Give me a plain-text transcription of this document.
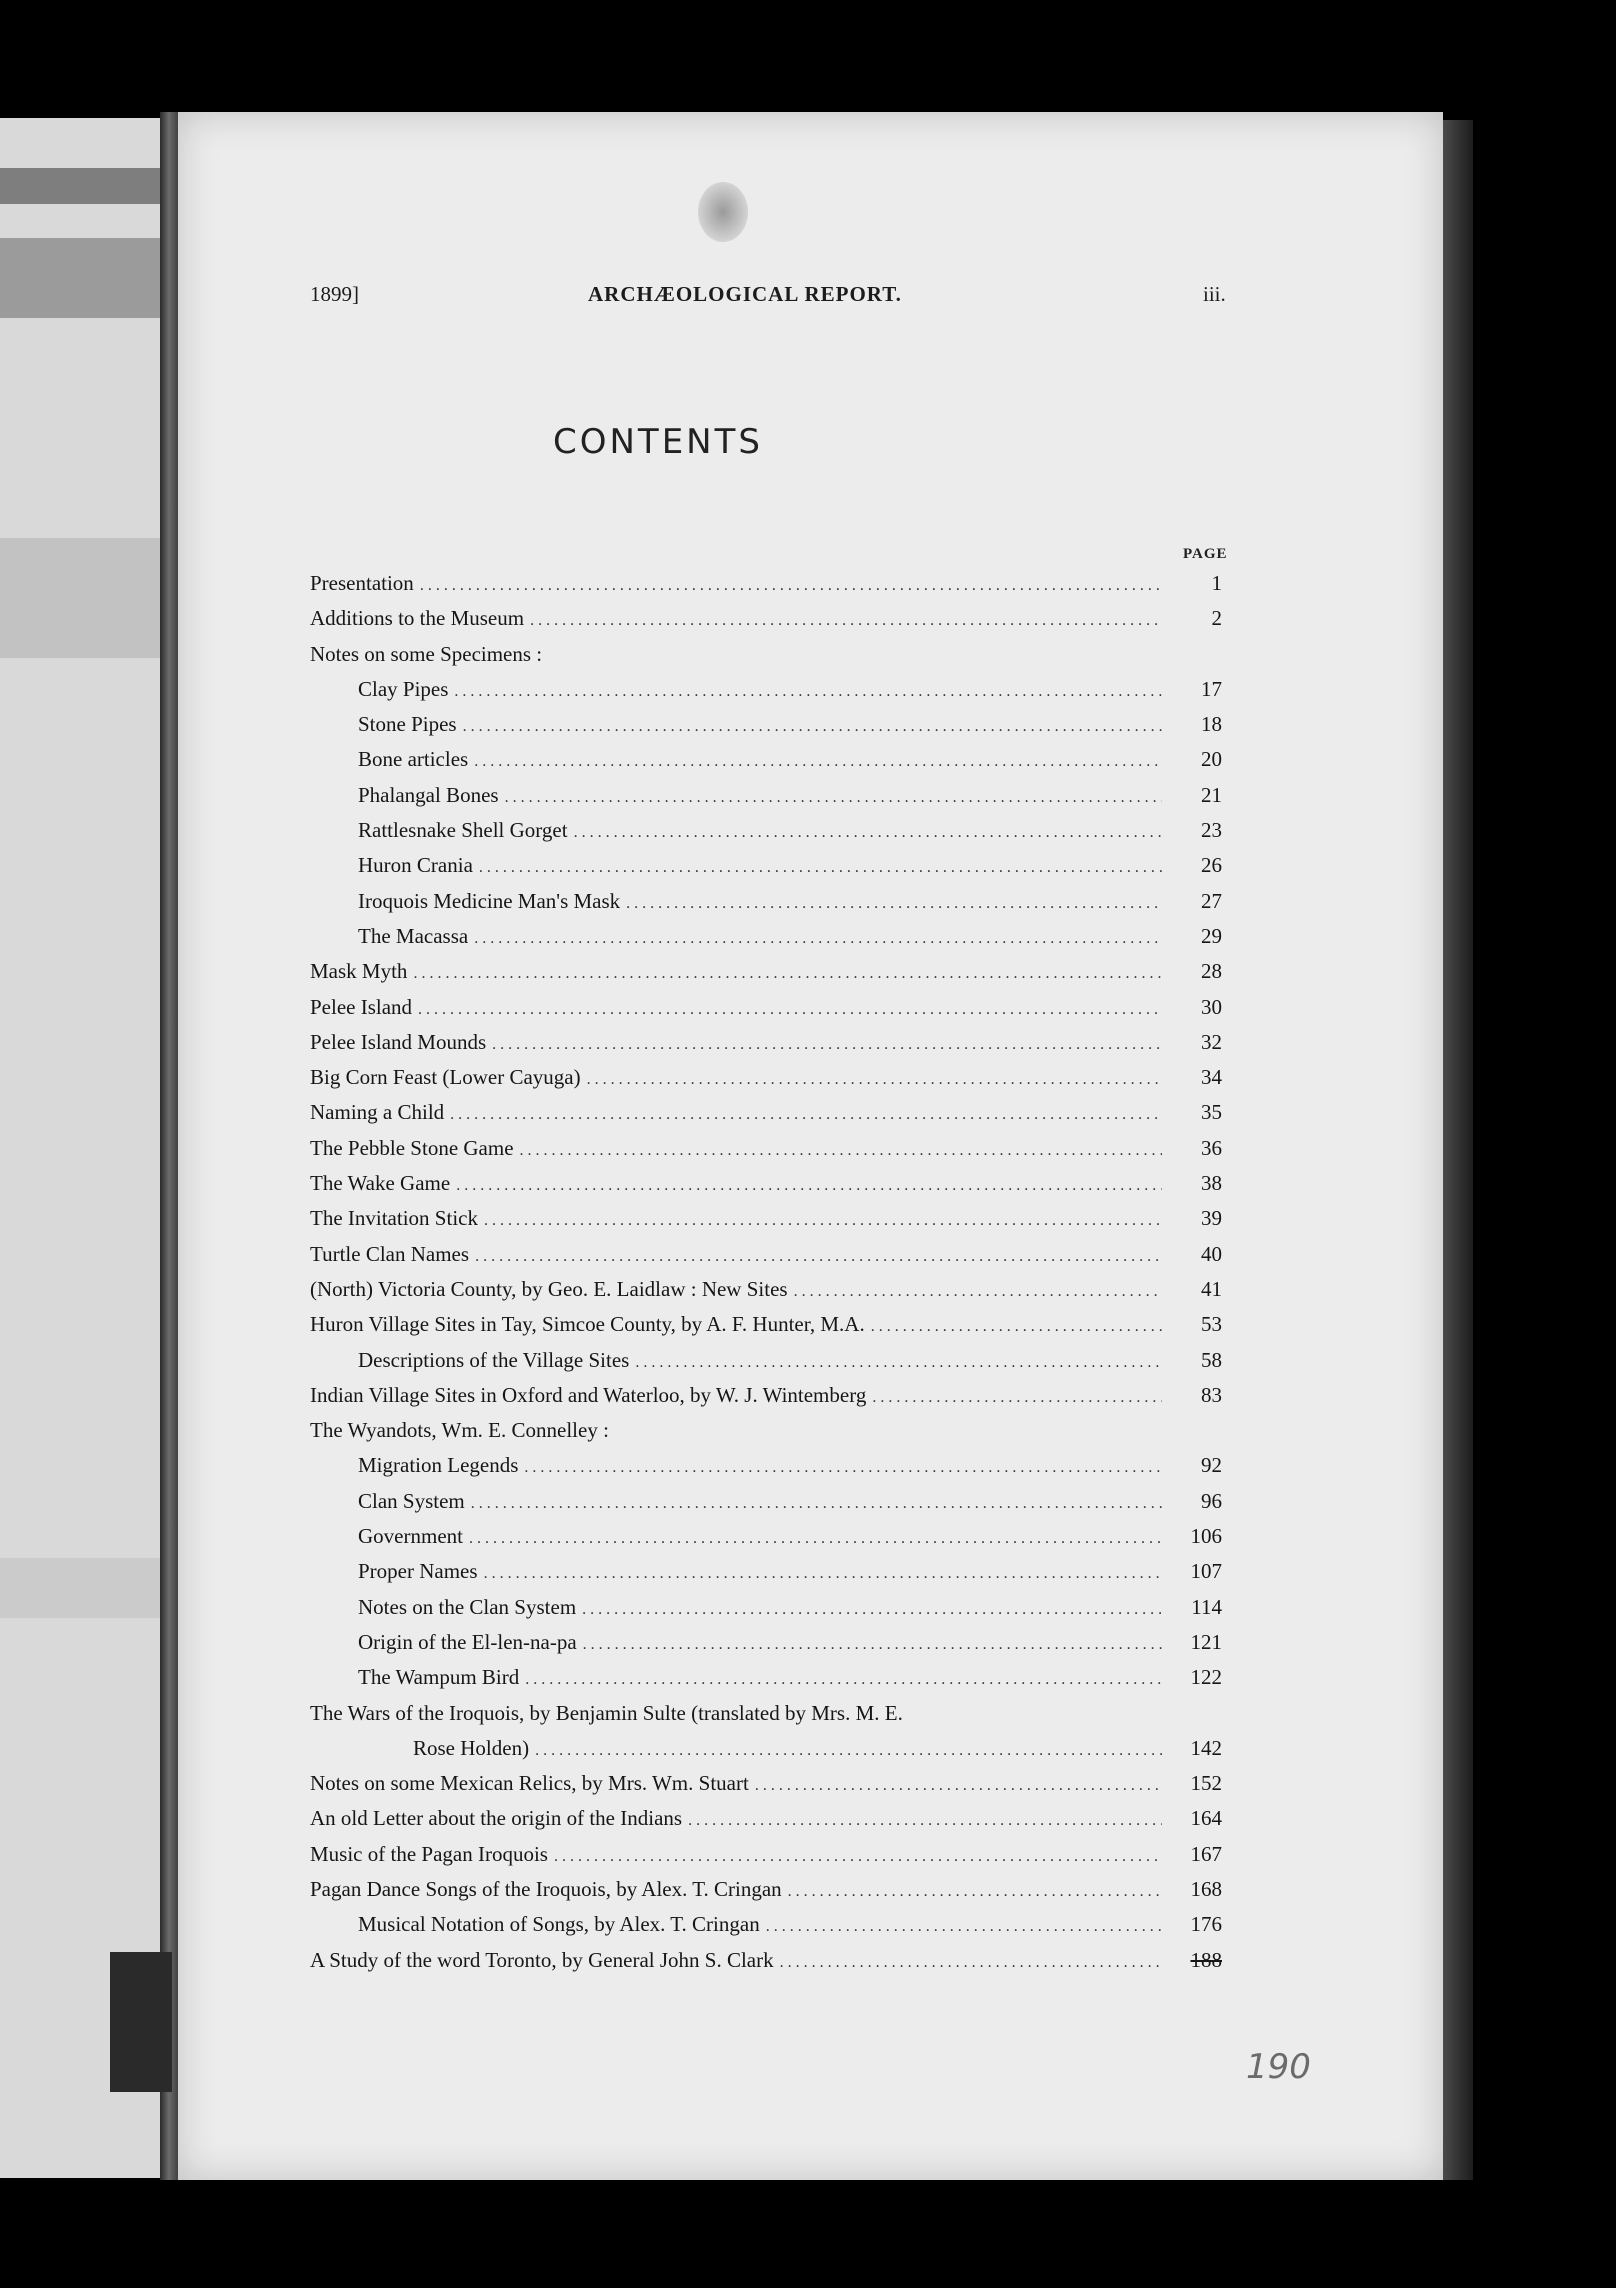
1899]	ARCHÆOLOGICAL REPORT.	iii.
CONTENTS
PAGE
Presentation .....	1
Additions to the Museum .....	2
Notes on some Specimens :
Clay Pipes .....	17
Stone Pipes .....	18
Bone articles .....	20
Phalangal Bones .....	21
Rattlesnake Shell Gorget .....	23
Huron Crania .....	26
Iroquois Medicine Man's Mask .....	27
The Macassa .....	29
Mask Myth .....	28
Pelee Island .....	30
Pelee Island Mounds .....	32
Big Corn Feast (Lower Cayuga) .....	34
Naming a Child .....	35
The Pebble Stone Game .....	36
The Wake Game .....	38
The Invitation Stick .....	39
Turtle Clan Names .....	40
(North) Victoria County, by Geo. E. Laidlaw : New Sites .....	41
Huron Village Sites in Tay, Simcoe County, by A. F. Hunter, M.A. .....	53
Descriptions of the Village Sites .....	58
Indian Village Sites in Oxford and Waterloo, by W. J. Wintemberg .....	83
The Wyandots, Wm. E. Connelley :
Migration Legends .....	92
Clan System .....	96
Government .....	106
Proper Names .....	107
Notes on the Clan System .....	114
Origin of the El-len-na-pa .....	121
The Wampum Bird .....	122
The Wars of the Iroquois, by Benjamin Sulte (translated by Mrs. M. E.
Rose Holden) .....	142
Notes on some Mexican Relics, by Mrs. Wm. Stuart .....	152
An old Letter about the origin of the Indians .....	164
Music of the Pagan Iroquois .....	167
Pagan Dance Songs of the Iroquois, by Alex. T. Cringan .....	168
Musical Notation of Songs, by Alex. T. Cringan .....	176
A Study of the word Toronto, by General John S. Clark .....	188
190
